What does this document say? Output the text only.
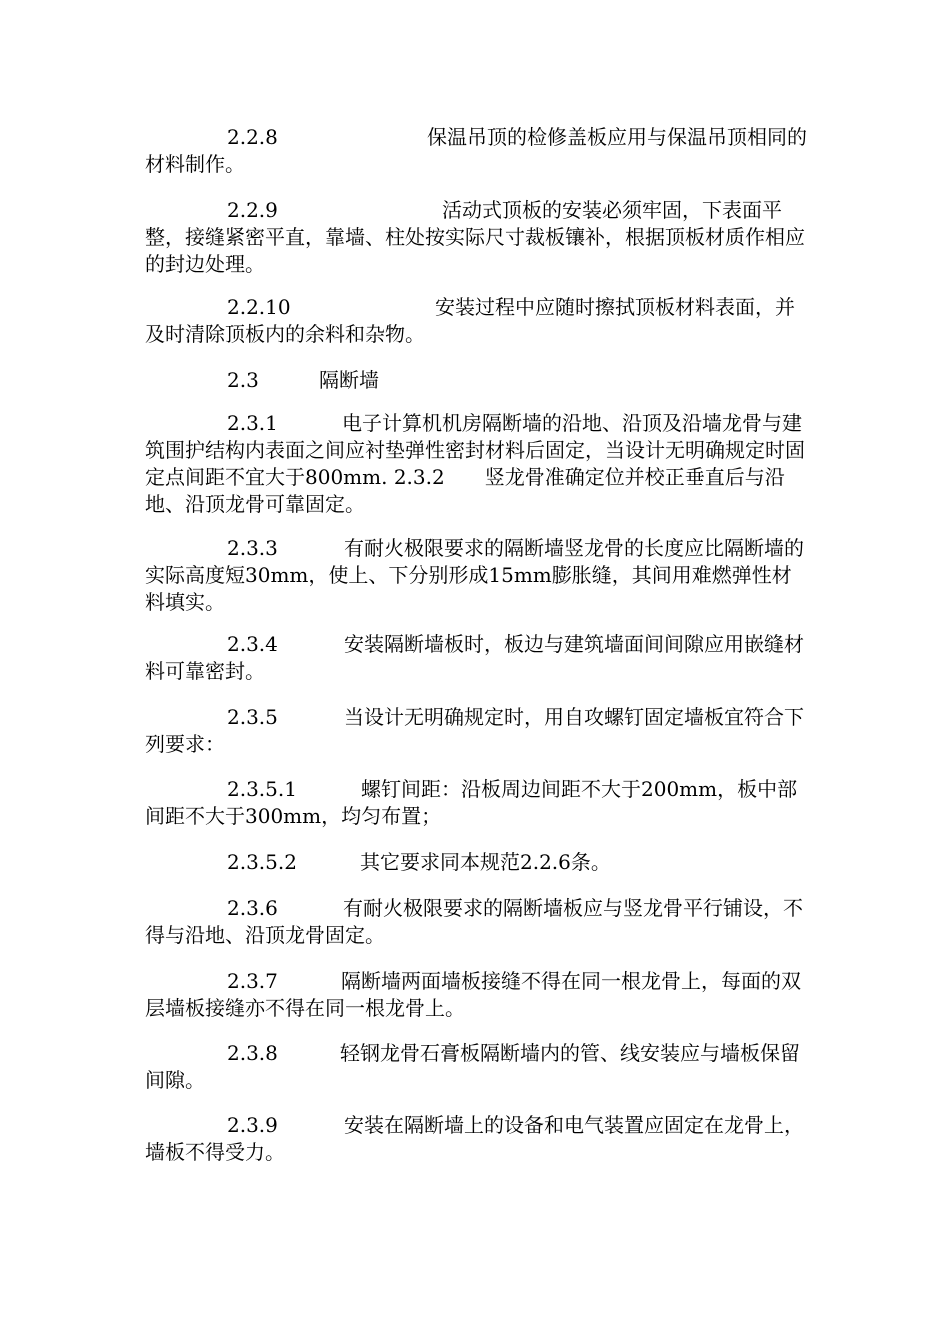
2.2.8	保温吊顶的检修盖板应用与保温吊顶相同的材料制作。
2.2.9	活动式顶板的安装必须牢固，下表面平整，接缝紧密平直，靠墙、柱处按实际尺寸裁板镶补，根据顶板材质作相应的封边处理。
2.2.10	安装过程中应随时擦拭顶板材料表面，并及时清除顶板内的余料和杂物。
2.3	隔断墙
2.3.1	电子计算机机房隔断墙的沿地、沿顶及沿墙龙骨与建筑围护结构内表面之间应衬垫弹性密封材料后固定，当设计无明确规定时固定点间距不宜大于800mm. 2.3.2　　竖龙骨准确定位并校正垂直后与沿地、沿顶龙骨可靠固定。
2.3.3	有耐火极限要求的隔断墙竖龙骨的长度应比隔断墙的实际高度短30mm，使上、下分别形成15mm膨胀缝，其间用难燃弹性材料填实。
2.3.4	安装隔断墙板时，板边与建筑墙面间间隙应用嵌缝材料可靠密封。
2.3.5	当设计无明确规定时，用自攻螺钉固定墙板宜符合下列要求：
2.3.5.1	螺钉间距：沿板周边间距不大于200mm，板中部间距不大于300mm，均匀布置；
2.3.5.2	其它要求同本规范2.2.6条。
2.3.6	有耐火极限要求的隔断墙板应与竖龙骨平行铺设，不得与沿地、沿顶龙骨固定。
2.3.7	隔断墙两面墙板接缝不得在同一根龙骨上，每面的双层墙板接缝亦不得在同一根龙骨上。
2.3.8	轻钢龙骨石膏板隔断墙内的管、线安装应与墙板保留间隙。
2.3.9	安装在隔断墙上的设备和电气装置应固定在龙骨上，墙板不得受力。
